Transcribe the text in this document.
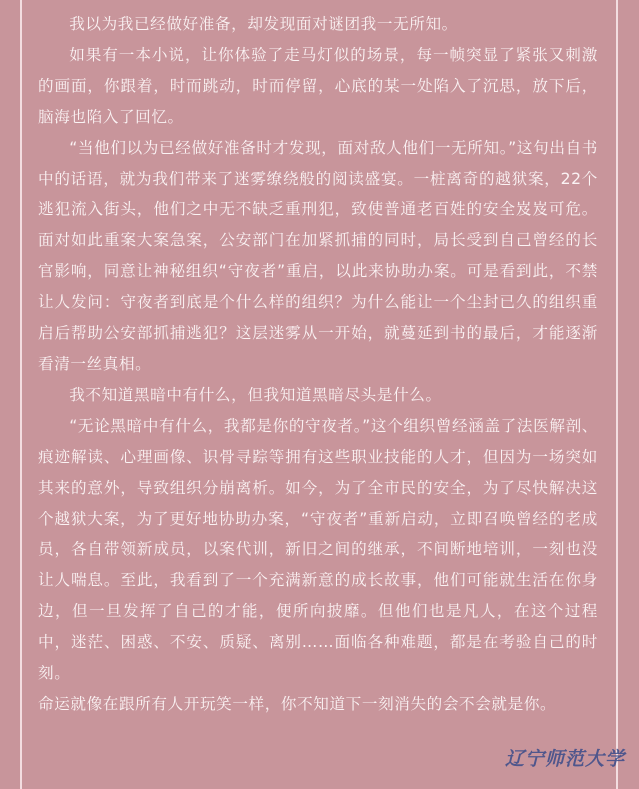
我以为我已经做好准备，却发现面对谜团我一无所知。

如果有一本小说，让你体验了走马灯似的场景，每一帧突显了紧张又刺激的画面，你跟着，时而跳动，时而停留，心底的某一处陷入了沉思，放下后，脑海也陷入了回忆。

“当他们以为已经做好准备时才发现，面对敌人他们一无所知。”这句出自书中的话语，就为我们带来了迷雾缭绕般的阅读盛宴。一桩离奇的越狱案，22个逃犯流入街头，他们之中无不缺乏重刑犯，致使普通老百姓的安全岌岌可危。面对如此重案大案急案，公安部门在加紧抓捕的同时，局长受到自己曾经的长官影响，同意让神秘组织“守夜者”重启，以此来协助办案。可是看到此，不禁让人发问：守夜者到底是个什么样的组织？为什么能让一个尘封已久的组织重启后帮助公安部抓捕逃犯？这层迷雾从一开始，就蔓延到书的最后，才能逐渐看清一丝真相。

我不知道黑暗中有什么，但我知道黑暗尽头是什么。

“无论黑暗中有什么，我都是你的守夜者。”这个组织曾经涵盖了法医解剖、痕迹解读、心理画像、识骨寻踪等拥有这些职业技能的人才，但因为一场突如其来的意外，导致组织分崩离析。如今，为了全市民的安全，为了尽快解决这个越狱大案，为了更好地协助办案，“守夜者”重新启动，立即召唤曾经的老成员，各自带领新成员，以案代训，新旧之间的继承，不间断地培训，一刻也没让人喘息。至此，我看到了一个充满新意的成长故事，他们可能就生活在你身边，但一旦发挥了自己的才能，便所向披靡。但他们也是凡人，在这个过程中，迷茫、困惑、不安、质疑、离别……面临各种难题，都是在考验自己的时刻。

命运就像在跟所有人开玩笑一样，你不知道下一刻消失的会不会就是你。

辽宁师范大学
